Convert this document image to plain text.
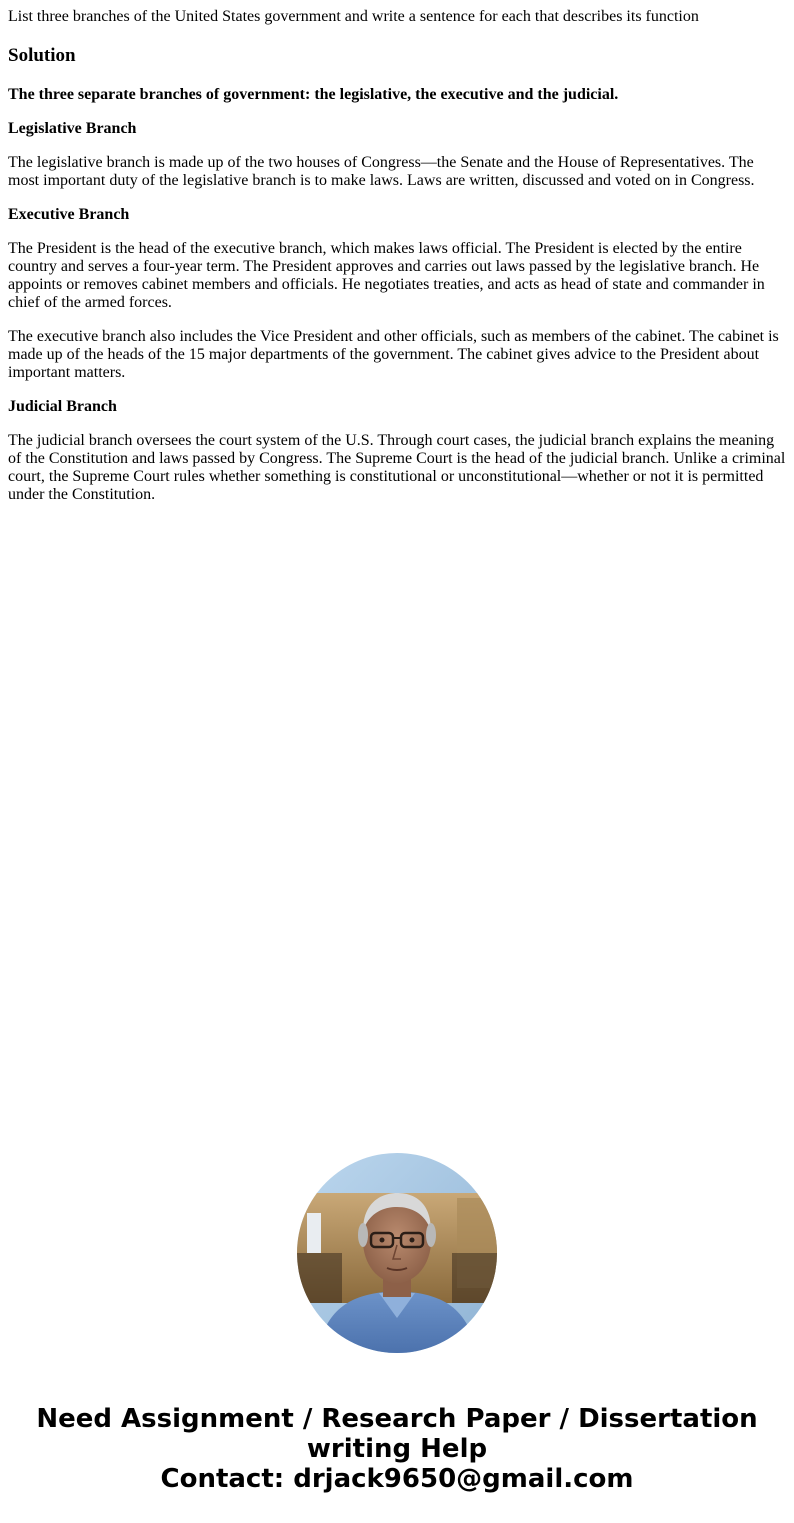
List three branches of the United States government and write a sentence for each that describes its function
Solution
The three separate branches of government: the legislative, the executive and the judicial.
Legislative Branch

The legislative branch is made up of the two houses of Congress—the Senate and the House of Representatives. The most important duty of the legislative branch is to make laws. Laws are written, discussed and voted on in Congress.

Executive Branch

The President is the head of the executive branch, which makes laws official. The President is elected by the entire country and serves a four-year term. The President approves and carries out laws passed by the legislative branch. He appoints or removes cabinet members and officials. He negotiates treaties, and acts as head of state and commander in chief of the armed forces.

The executive branch also includes the Vice President and other officials, such as members of the cabinet. The cabinet is made up of the heads of the 15 major departments of the government. The cabinet gives advice to the President about important matters.

Judicial Branch

The judicial branch oversees the court system of the U.S. Through court cases, the judicial branch explains the meaning of the Constitution and laws passed by Congress. The Supreme Court is the head of the judicial branch. Unlike a criminal court, the Supreme Court rules whether something is constitutional or unconstitutional—whether or not it is permitted under the Constitution.

Need Assignment / Research Paper / Dissertation writing Help
Contact: drjack9650@gmail.com
